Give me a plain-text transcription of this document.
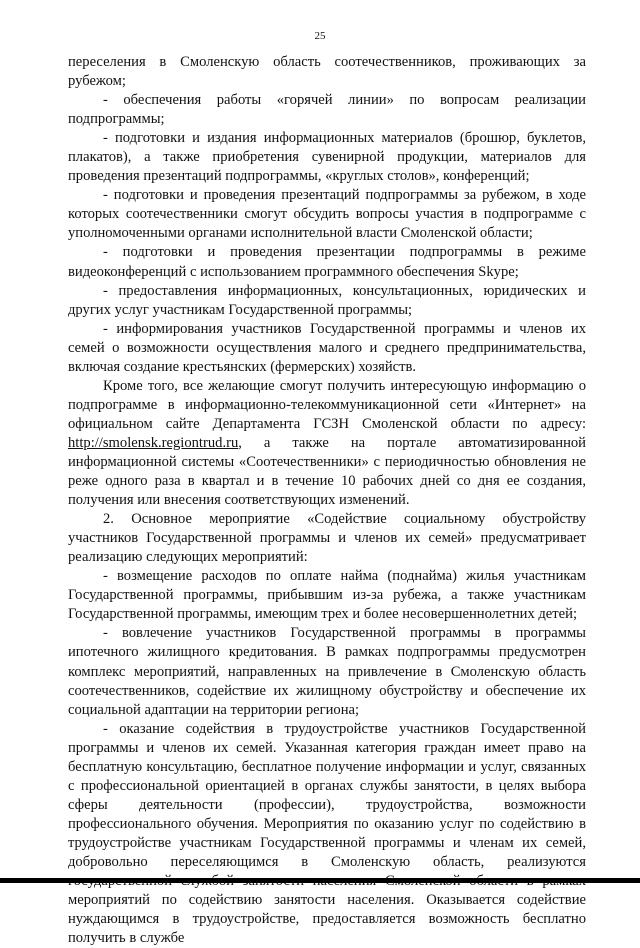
25

переселения в Смоленскую область соотечественников, проживающих за рубежом;

- обеспечения работы «горячей линии» по вопросам реализации подпрограммы;

- подготовки и издания информационных материалов (брошюр, буклетов, плакатов), а также приобретения сувенирной продукции, материалов для проведения презентаций подпрограммы, «круглых столов», конференций;

- подготовки и проведения презентаций подпрограммы за рубежом, в ходе которых соотечественники смогут обсудить вопросы участия в подпрограмме с уполномоченными органами исполнительной власти Смоленской области;

- подготовки и проведения презентации подпрограммы в режиме видеоконференций с использованием программного обеспечения Skype;

- предоставления информационных, консультационных, юридических и других услуг участникам Государственной программы;

- информирования участников Государственной программы и членов их семей о возможности осуществления малого и среднего предпринимательства, включая создание крестьянских (фермерских) хозяйств.

Кроме того, все желающие смогут получить интересующую информацию о подпрограмме в информационно-телекоммуникационной сети «Интернет» на официальном сайте Департамента ГСЗН Смоленской области по адресу: http://smolensk.regiontrud.ru, а также на портале автоматизированной информационной системы «Соотечественники» с периодичностью обновления не реже одного раза в квартал и в течение 10 рабочих дней со дня ее создания, получения или внесения соответствующих изменений.

2. Основное мероприятие «Содействие социальному обустройству участников Государственной программы и членов их семей» предусматривает реализацию следующих мероприятий:

- возмещение расходов по оплате найма (поднайма) жилья участникам Государственной программы, прибывшим из-за рубежа, а также участникам Государственной программы, имеющим трех и более несовершеннолетних детей;

- вовлечение участников Государственной программы в программы ипотечного жилищного кредитования. В рамках подпрограммы предусмотрен комплекс мероприятий, направленных на привлечение в Смоленскую область соотечественников, содействие их жилищному обустройству и обеспечение их социальной адаптации на территории региона;

- оказание содействия в трудоустройстве участников Государственной программы и членов их семей. Указанная категория граждан имеет право на бесплатную консультацию, бесплатное получение информации и услуг, связанных с профессиональной ориентацией в органах службы занятости, в целях выбора сферы деятельности (профессии), трудоустройства, возможности профессионального обучения. Мероприятия по оказанию услуг по содействию в трудоустройстве участникам Государственной программы и членам их семей, добровольно переселяющимся в Смоленскую область, реализуются мероприятий по содействию занятости населения. Оказывается содействие нуждающимся в трудоустройстве, предоставляется возможность бесплатно получить в службе
